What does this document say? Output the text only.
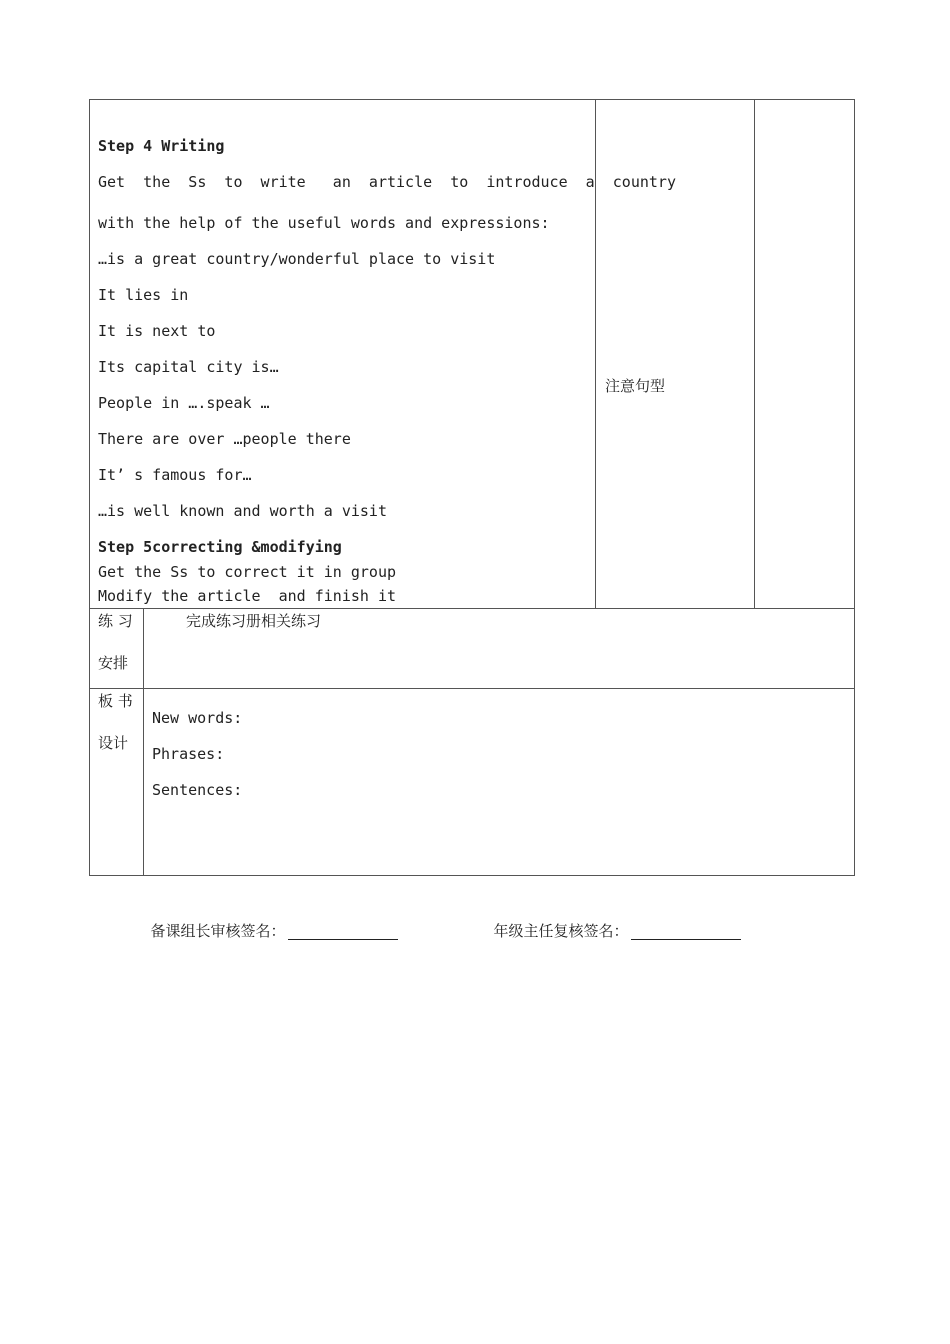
Step 4 Writing
Get  the  Ss  to  write   an  article  to  introduce  a  country
with the help of the useful words and expressions:
…is a great country/wonderful place to visit
It lies in
It is next to
Its capital city is…
People in ….speak …
There are over …people there
It’ s famous for…
…is well known and worth a visit
Step 5correcting &modifying
Get the Ss to correct it in group
Modify the article  and finish it
注意句型
练 习
安排
完成练习册相关练习
板 书
设计
New words:
Phrases:
Sentences:

备课组长审核签名：	年级主任复核签名：
